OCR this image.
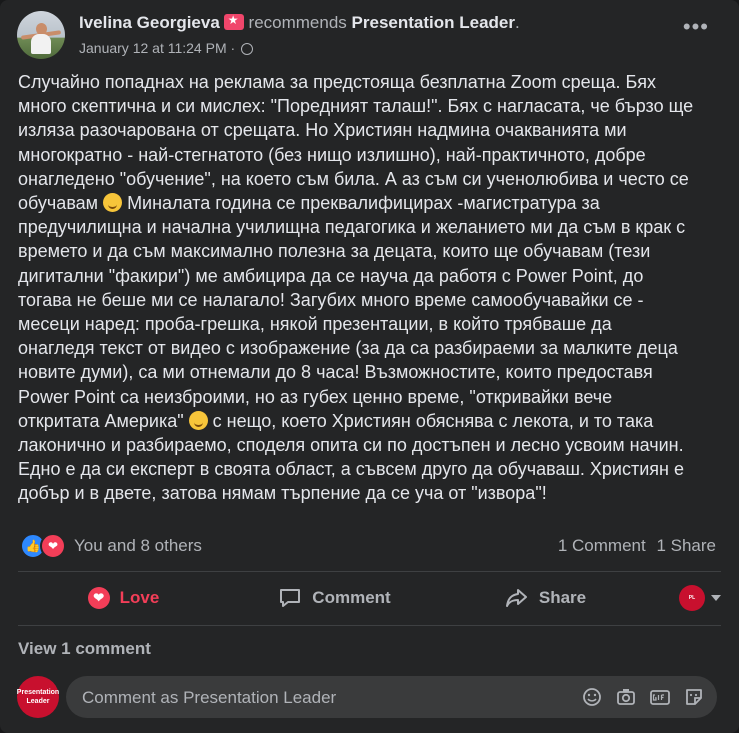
Ivelina Georgieva★ recommends Presentation Leader.
January 12 at 11:24 PM ·
•••
Случайно попаднах на реклама за предстояща безплатна Zoom среща. Бях
много скептична и си мислех: "Поредният талаш!". Бях с нагласата, че бързо ще
изляза разочарована от срещата. Но Християн надмина очакванията ми
многократно - най-стегнатото (без нищо излишно), най-практичното, добре
онагледено "обучение", на което съм била. А аз съм си ученолюбива и често се
обучавам  Миналата година се преквалифицирах -магистратура за
предучилищна и начална училищна педагогика и желанието ми да съм в крак с
времето и да съм максимално полезна за децата, които ще обучавам (тези
дигитални "факири") ме амбицира да се науча да работя с Power Point, до
тогава не беше ми се налагало! Загубих много време самообучавайки се -
месеци наред: проба-грешка, някой презентации, в който трябваше да
онагледя текст от видео с изображение (за да са разбираеми за малките деца
новите думи), са ми отнемали до 8 часа! Възможностите, които предоставя
Power Point са неизброими, но аз губех ценно време, "откривайки вече
откритата Америка"  с нещо, което Християн обяснява с лекота, и то така
лаконично и разбираемо, споделя опита си по достъпен и лесно усвоим начин.
Едно е да си експерт в своята област, а съвсем друго да обучаваш. Християн е
добър и в двете, затова нямам търпение да се уча от "извора"!
👍 ❤ You and 8 others	1 Comment 1 Share
❤ Love	Comment	Share	PL
View 1 comment
Presentation Leader
Comment as Presentation Leader
